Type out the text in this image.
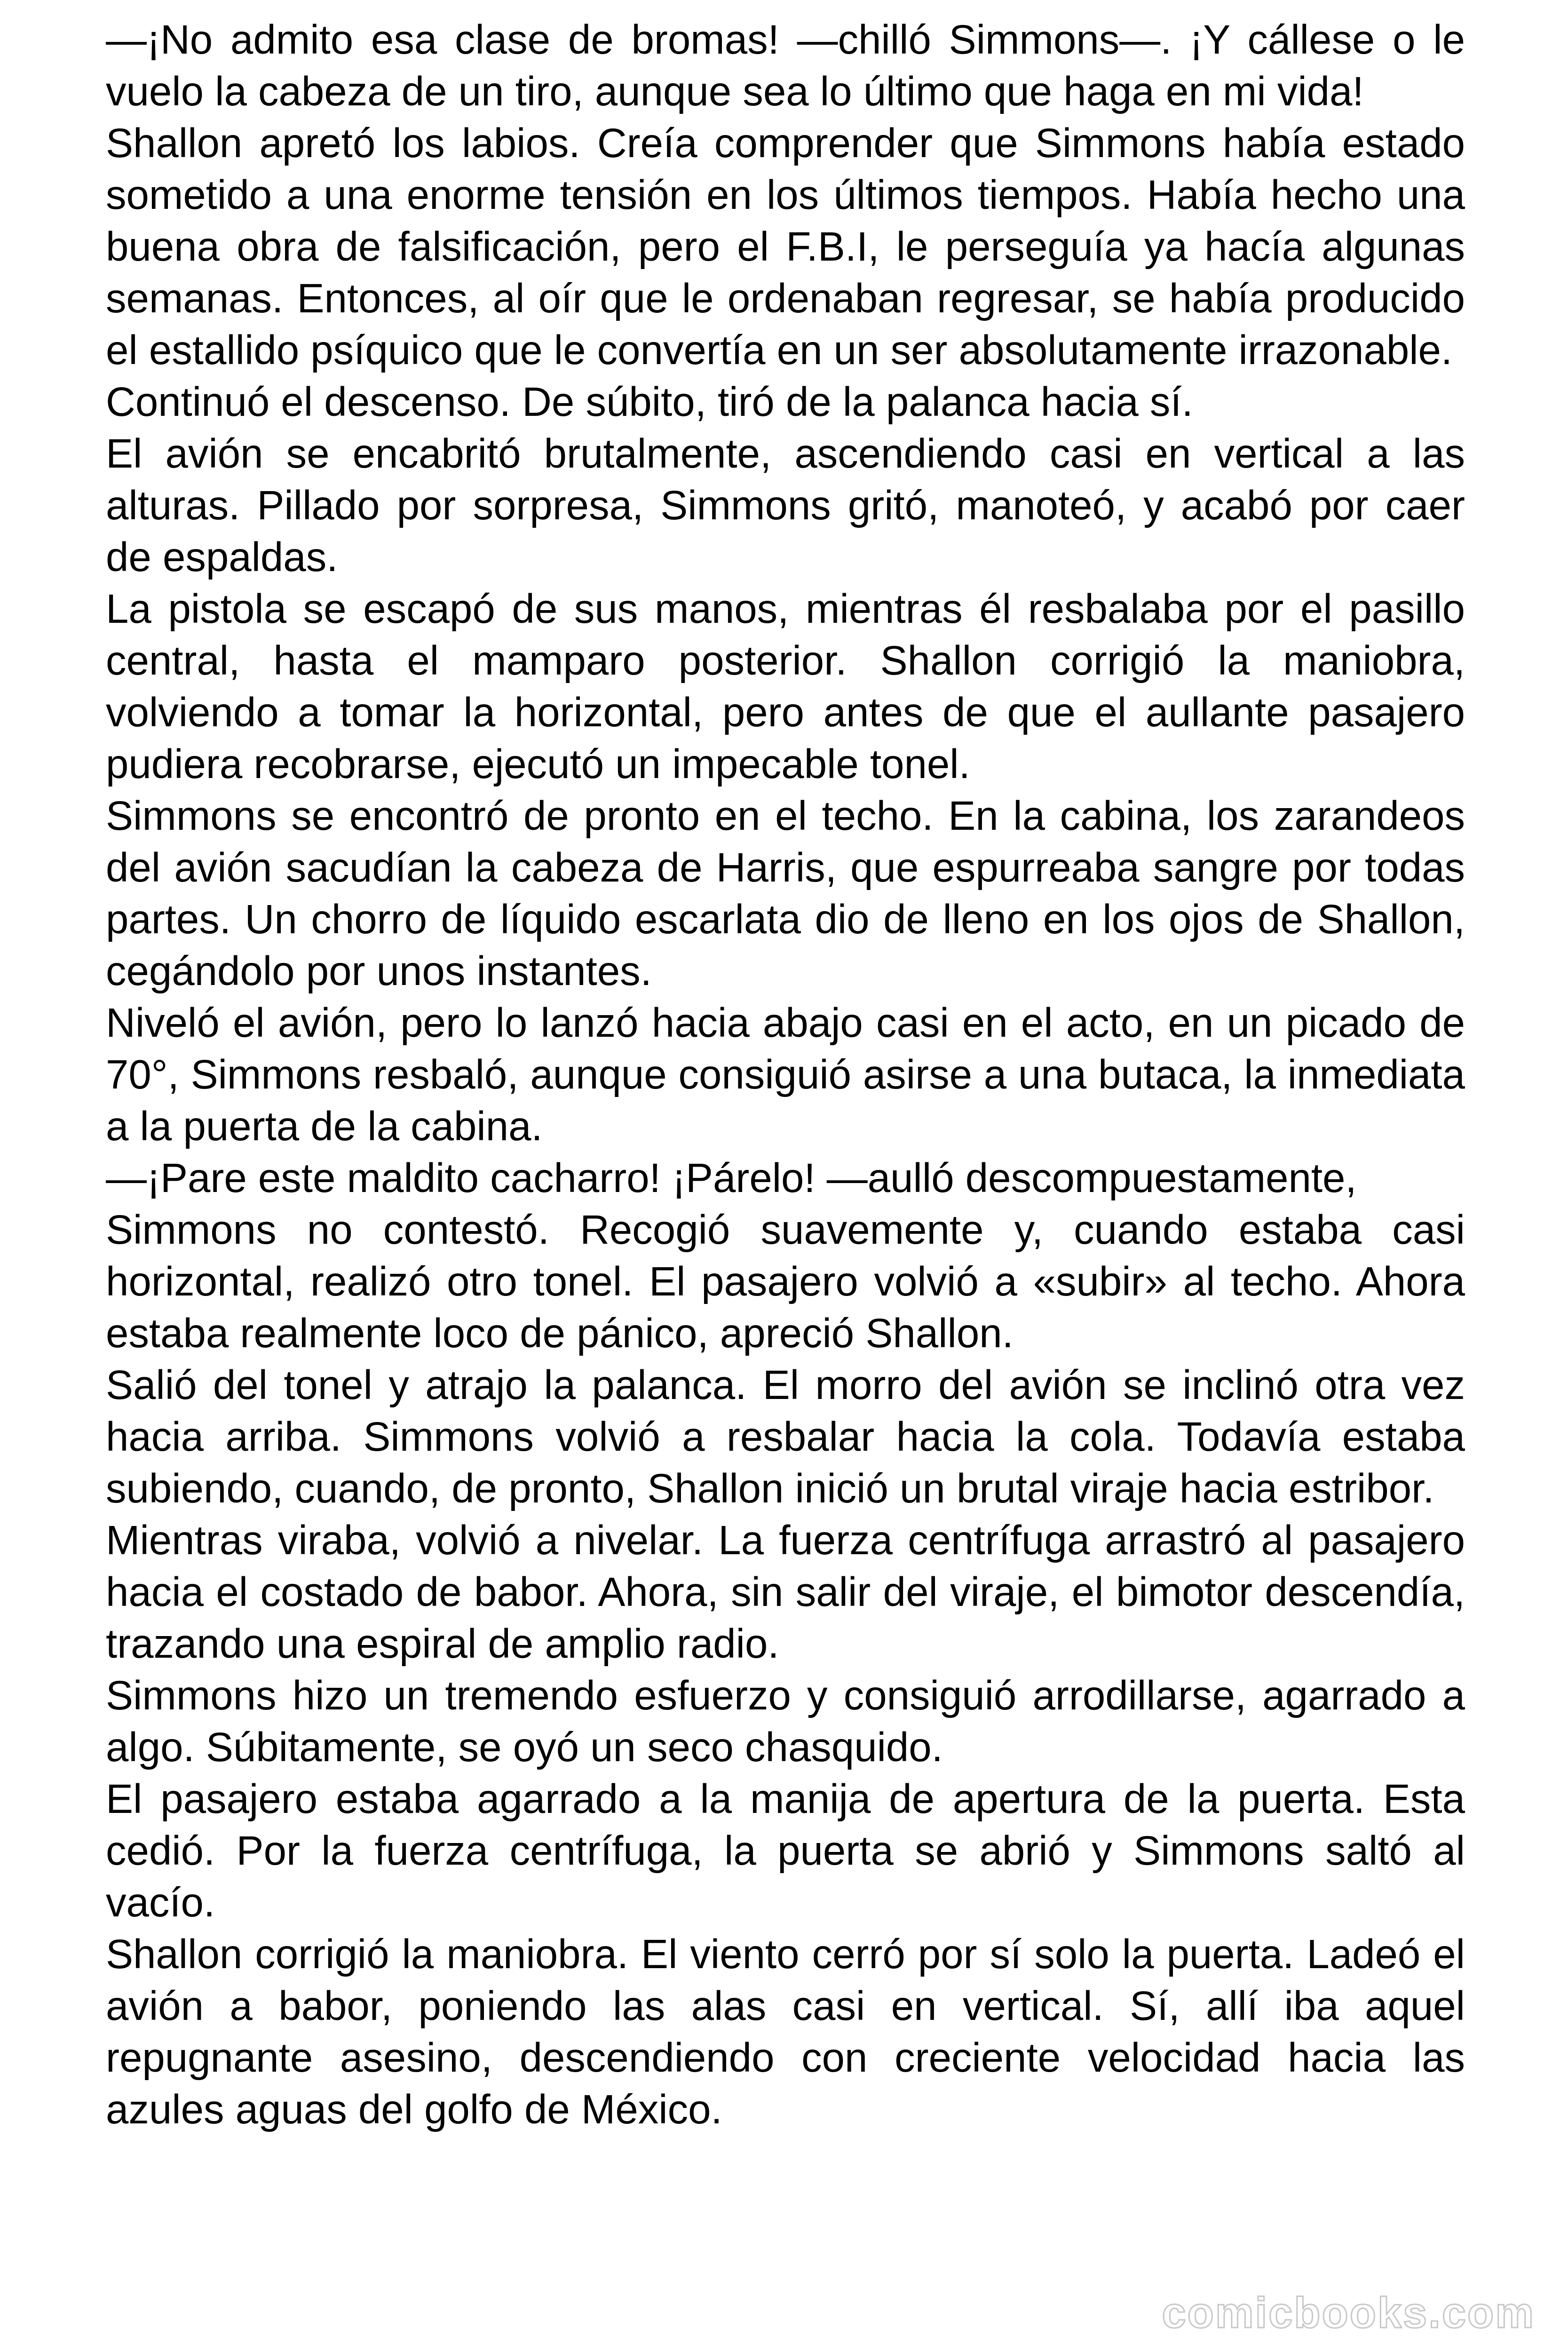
—¡No admito esa clase de bromas! —chilló Simmons—. ¡Y cállese o le vuelo la cabeza de un tiro, aunque sea lo último que haga en mi vida!

Shallon apretó los labios. Creía comprender que Simmons había estado sometido a una enorme tensión en los últimos tiempos. Había hecho una buena obra de falsificación, pero el F.B.I, le perseguía ya hacía algunas semanas. Entonces, al oír que le ordenaban regresar, se había producido el estallido psíquico que le convertía en un ser absolutamente irrazonable.

Continuó el descenso. De súbito, tiró de la palanca hacia sí.

El avión se encabritó brutalmente, ascendiendo casi en vertical a las alturas. Pillado por sorpresa, Simmons gritó, manoteó, y acabó por caer de espaldas.

La pistola se escapó de sus manos, mientras él resbalaba por el pasillo central, hasta el mamparo posterior. Shallon corrigió la maniobra, volviendo a tomar la horizontal, pero antes de que el aullante pasajero pudiera recobrarse, ejecutó un impecable tonel.

Simmons se encontró de pronto en el techo. En la cabina, los zarandeos del avión sacudían la cabeza de Harris, que espurreaba sangre por todas partes. Un chorro de líquido escarlata dio de lleno en los ojos de Shallon, cegándolo por unos instantes.

Niveló el avión, pero lo lanzó hacia abajo casi en el acto, en un picado de 70°, Simmons resbaló, aunque consiguió asirse a una butaca, la inmediata a la puerta de la cabina.

—¡Pare este maldito cacharro! ¡Párelo! —aulló descompuestamente,

Simmons no contestó. Recogió suavemente y, cuando estaba casi horizontal, realizó otro tonel. El pasajero volvió a «subir» al techo. Ahora estaba realmente loco de pánico, apreció Shallon.

Salió del tonel y atrajo la palanca. El morro del avión se inclinó otra vez hacia arriba. Simmons volvió a resbalar hacia la cola. Todavía estaba subiendo, cuando, de pronto, Shallon inició un brutal viraje hacia estribor.

Mientras viraba, volvió a nivelar. La fuerza centrífuga arrastró al pasajero hacia el costado de babor. Ahora, sin salir del viraje, el bimotor descendía, trazando una espiral de amplio radio.

Simmons hizo un tremendo esfuerzo y consiguió arrodillarse, agarrado a algo. Súbitamente, se oyó un seco chasquido.

El pasajero estaba agarrado a la manija de apertura de la puerta. Esta cedió. Por la fuerza centrífuga, la puerta se abrió y Simmons saltó al vacío.

Shallon corrigió la maniobra. El viento cerró por sí solo la puerta. Ladeó el avión a babor, poniendo las alas casi en vertical. Sí, allí iba aquel repugnante asesino, descendiendo con creciente velocidad hacia las azules aguas del golfo de México.

comicbooks.com
